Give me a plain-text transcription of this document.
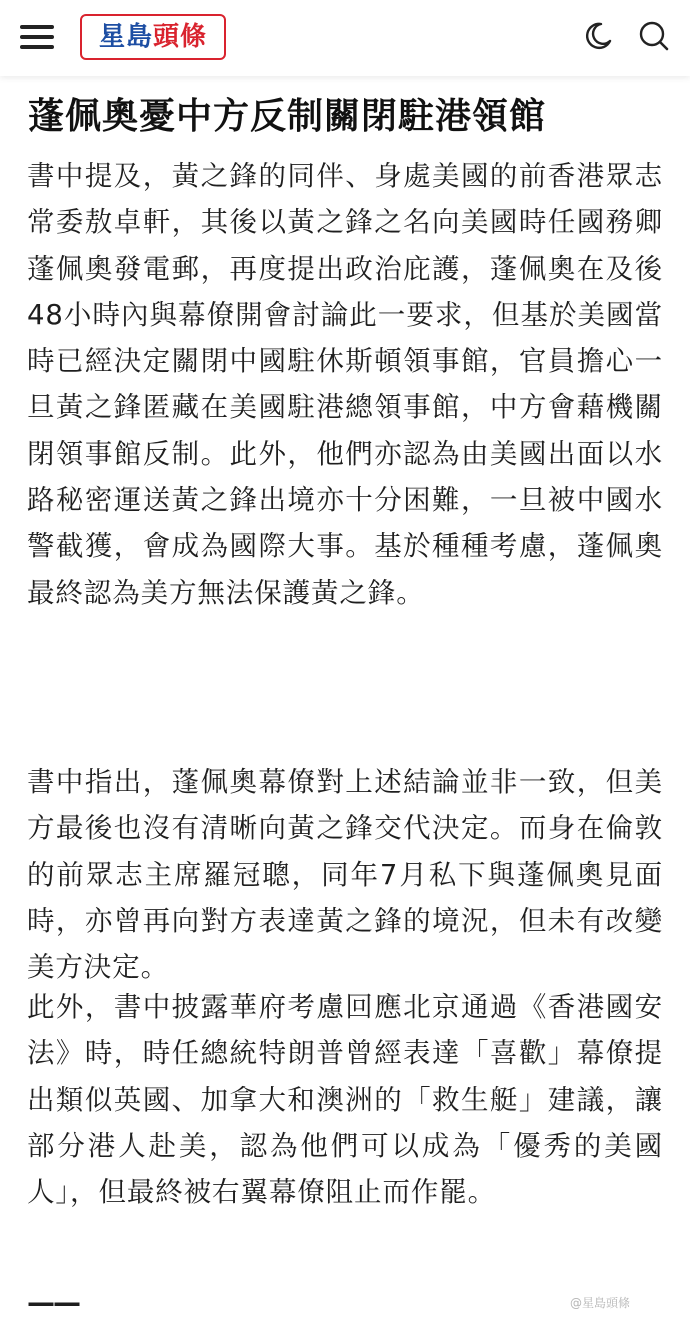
星島頭條
蓬佩奧憂中方反制關閉駐港領館

書中提及，黃之鋒的同伴、身處美國的前香港眾志常委敖卓軒，其後以黃之鋒之名向美國時任國務卿蓬佩奧發電郵，再度提出政治庇護，蓬佩奧在及後48小時內與幕僚開會討論此一要求，但基於美國當時已經決定關閉中國駐休斯頓領事館，官員擔心一旦黃之鋒匿藏在美國駐港總領事館，中方會藉機關閉領事館反制。此外，他們亦認為由美國出面以水路秘密運送黃之鋒出境亦十分困難，一旦被中國水警截獲，會成為國際大事。基於種種考慮，蓬佩奧最終認為美方無法保護黃之鋒。

書中指出，蓬佩奧幕僚對上述結論並非一致，但美方最後也沒有清晰向黃之鋒交代決定。而身在倫敦的前眾志主席羅冠聰，同年7月私下與蓬佩奧見面時，亦曾再向對方表達黃之鋒的境況，但未有改變美方決定。

此外，書中披露華府考慮回應北京通過《香港國安法》時，時任總統特朗普曾經表達「喜歡」幕僚提出類似英國、加拿大和澳洲的「救生艇」建議，讓部分港人赴美，認為他們可以成為「優秀的美國人」，但最終被右翼幕僚阻止而作罷。

——	@星島頭條
